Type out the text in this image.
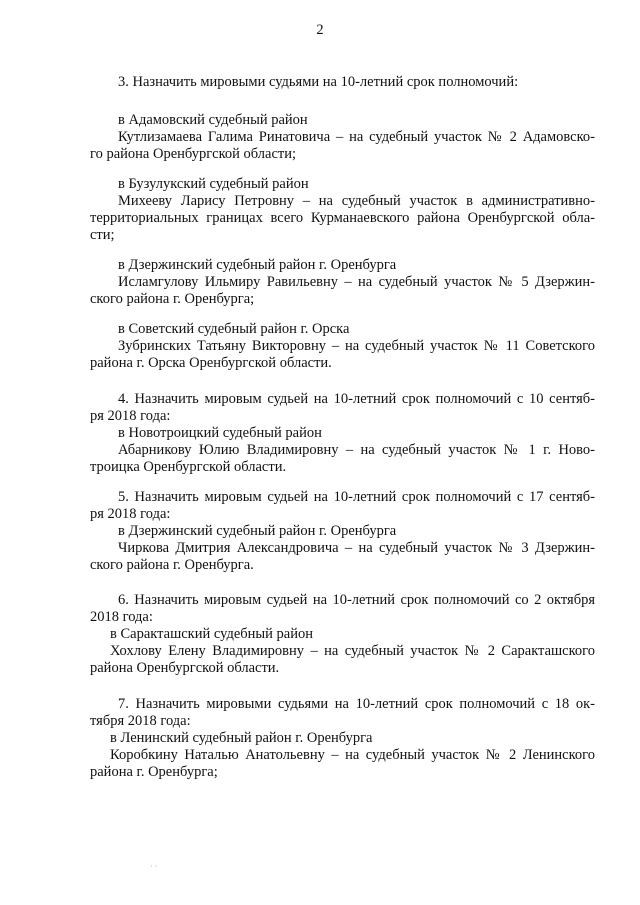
2
3. Назначить мировыми судьями на 10-летний срок полномочий:
в Адамовский судебный район
Кутлизамаева Галима Ринатовича – на судебный участок № 2 Адамовско-
го района Оренбургской области;
в Бузулукский судебный район
Михееву Ларису Петровну – на судебный участок в административно-
территориальных границах всего Курманаевского района Оренбургской обла-
сти;
в Дзержинский судебный район г. Оренбурга
Исламгулову Ильмиру Равильевну – на судебный участок № 5 Дзержин-
ского района г. Оренбурга;
в Советский судебный район г. Орска
Зубринских Татьяну Викторовну – на судебный участок № 11 Советского
района г. Орска Оренбургской области.
4. Назначить мировым судьей на 10-летний срок полномочий с 10 сентяб-
ря 2018 года:
в Новотроицкий судебный район
Абарникову Юлию Владимировну – на судебный участок № 1 г. Ново-
троицка Оренбургской области.
5. Назначить мировым судьей на 10-летний срок полномочий с 17 сентяб-
ря 2018 года:
в Дзержинский судебный район г. Оренбурга
Чиркова Дмитрия Александровича – на судебный участок № 3 Дзержин-
ского района г. Оренбурга.
6. Назначить мировым судьей на 10-летний срок полномочий со 2 октября
2018 года:
в Саракташский судебный район
Хохлову Елену Владимировну – на судебный участок № 2 Саракташского
района Оренбургской области.
7. Назначить мировыми судьями на 10-летний срок полномочий с 18 ок-
тября 2018 года:
в Ленинский судебный район г. Оренбурга
Коробкину Наталью Анатольевну – на судебный участок № 2 Ленинского
района г. Оренбурга;
· ·
